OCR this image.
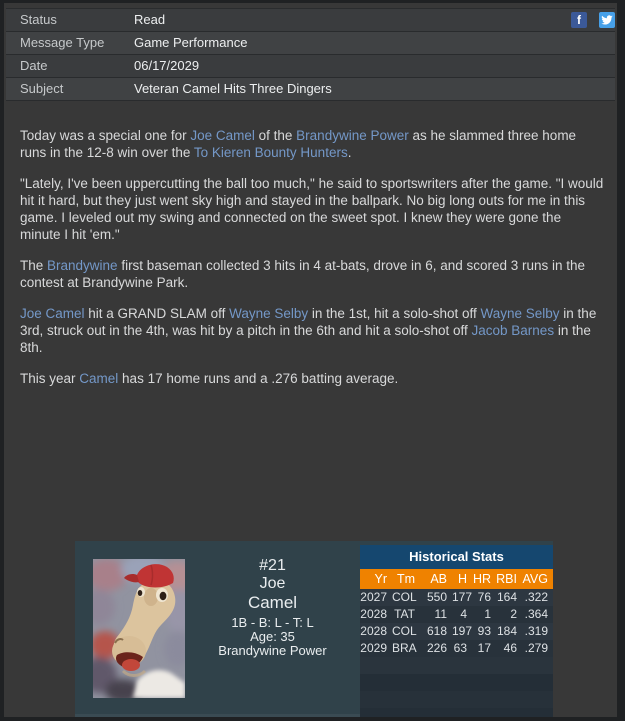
Status	Read	f
Message Type Game Performance
Date	06/17/2029
Subject	Veteran Camel Hits Three Dingers

Today was a special one for Joe Camel of the Brandywine Power as he slammed three home runs in the 12-8 win over the To Kieren Bounty Hunters.

"Lately, I've been uppercutting the ball too much," he said to sportswriters after the game. "I would hit it hard, but they just went sky high and stayed in the ballpark. No big long outs for me in this game. I leveled out my swing and connected on the sweet spot. I knew they were gone the minute I hit 'em."

The Brandywine first baseman collected 3 hits in 4 at-bats, drove in 6, and scored 3 runs in the contest at Brandywine Park.

Joe Camel hit a GRAND SLAM off Wayne Selby in the 1st, hit a solo-shot off Wayne Selby in the 3rd, struck out in the 4th, was hit by a pitch in the 6th and hit a solo-shot off Jacob Barnes in the 8th.

This year Camel has 17 home runs and a .276 batting average.

#21
Joe
Camel
1B - B: L - T: L
Age: 35
Brandywine Power
Historical Stats
Yr Tm	AB H HR RBI AVG
2027 COL 550 177 76 164 .322
2028 TAT	11	4	1	2 .364
2028 COL 618 197 93 184 .319
2029 BRA 226 63 17	46 .279
